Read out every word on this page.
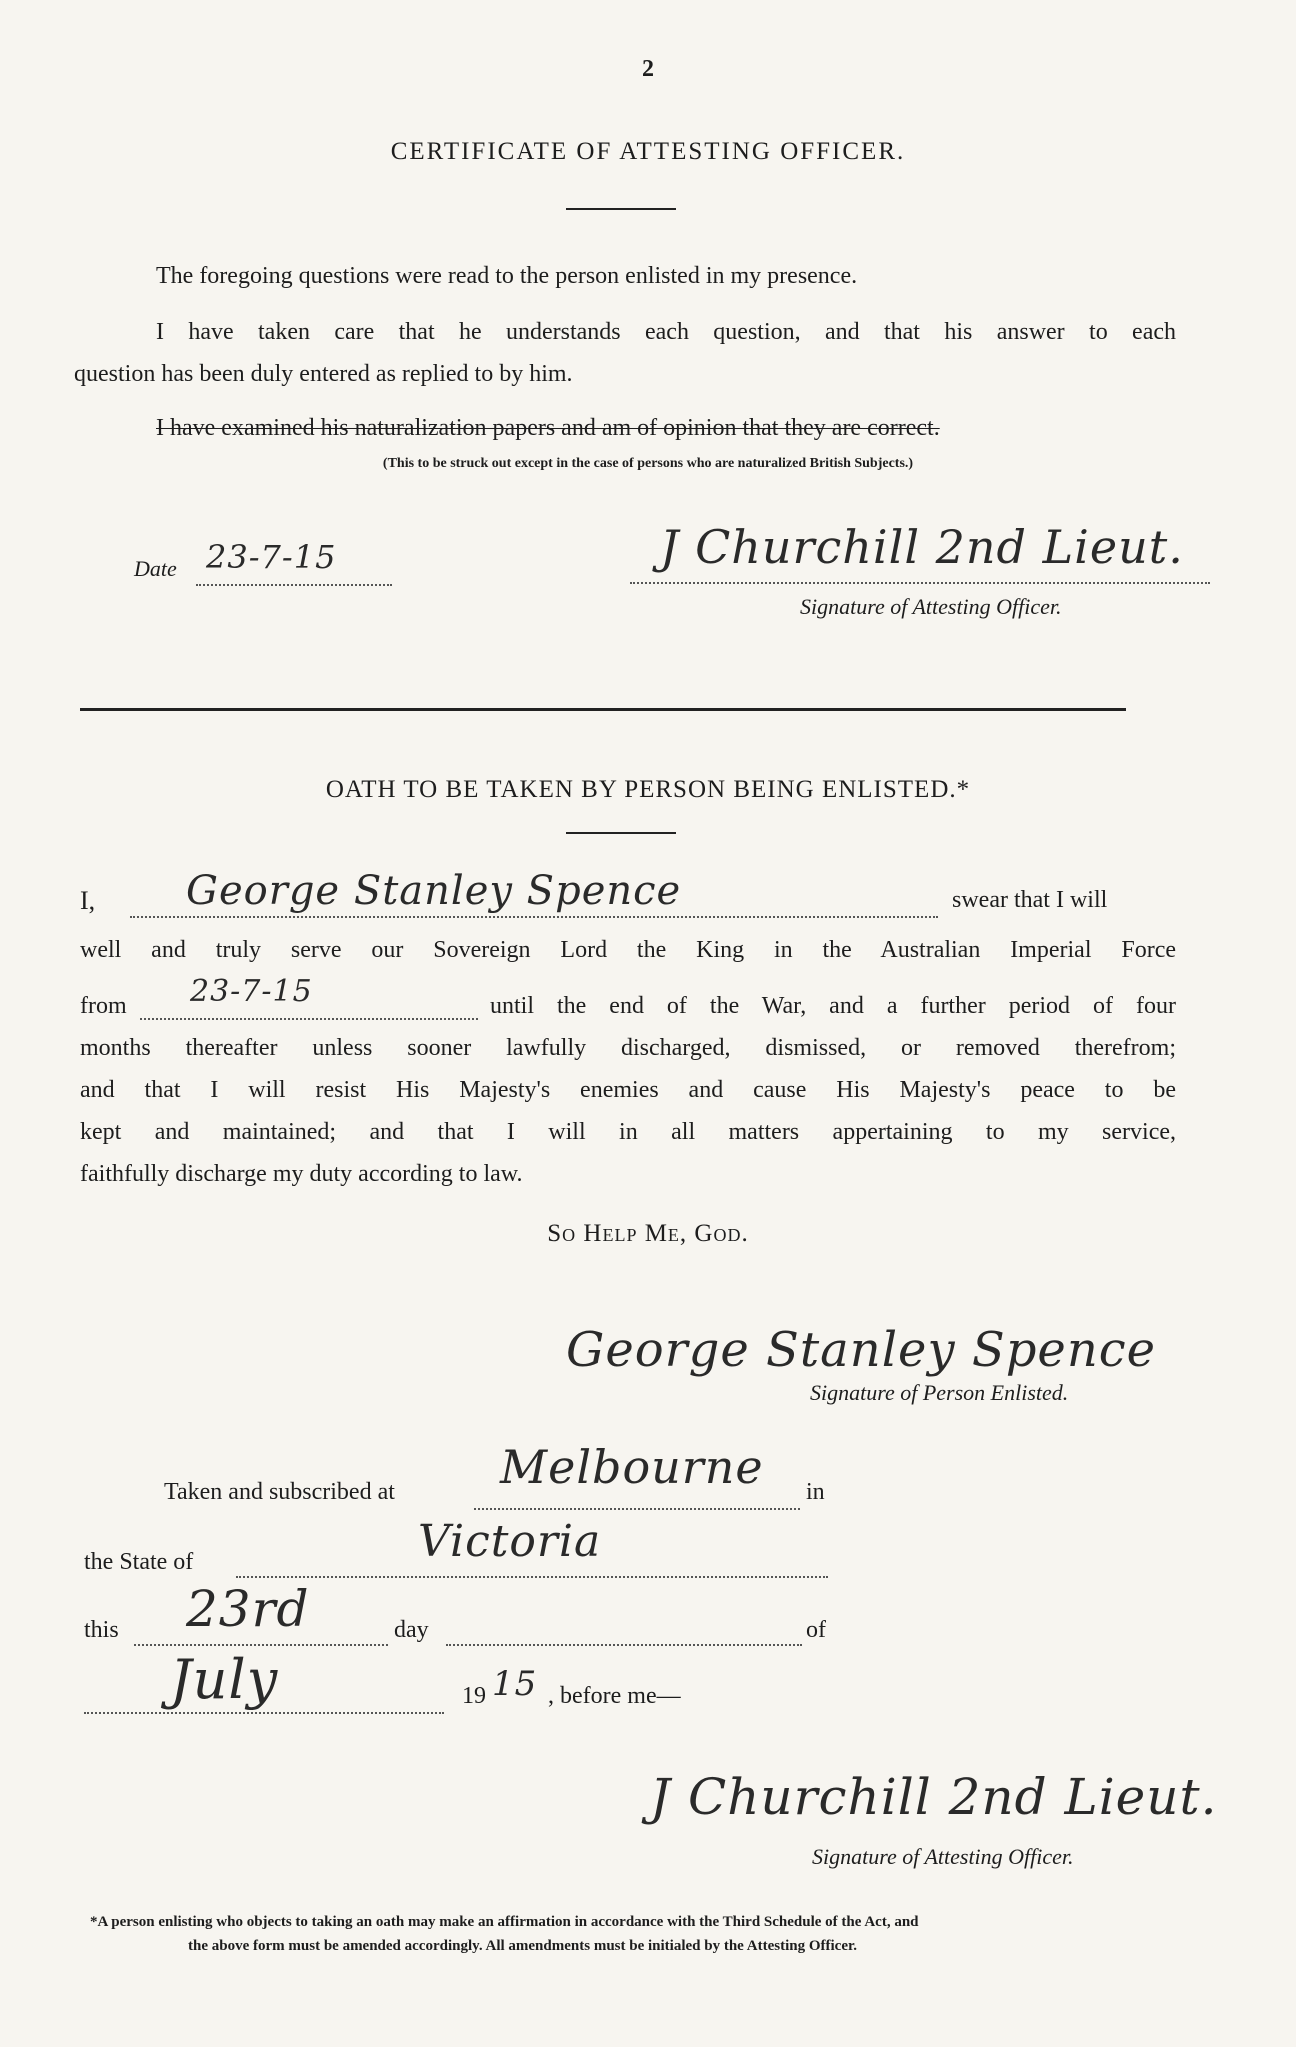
2
CERTIFICATE OF ATTESTING OFFICER.
The foregoing questions were read to the person enlisted in my presence.
I have taken care that he understands each question, and that his answer to each
question has been duly entered as replied to by him.
I have examined his naturalization papers and am of opinion that they are correct.
(This to be struck out except in the case of persons who are naturalized British Subjects.)
Date 23-7-15	J Churchill 2nd Lieut.
Signature of Attesting Officer.
OATH TO BE TAKEN BY PERSON BEING ENLISTED.*
I, George Stanley Spence	swear that I will
well and truly serve our Sovereign Lord the King in the Australian Imperial Force
from 23-7-15	until the end of the War, and a further period of four
months thereafter unless sooner lawfully discharged, dismissed, or removed therefrom;
and that I will resist His Majesty's enemies and cause His Majesty's peace to be
kept and maintained; and that I will in all matters appertaining to my service,
faithfully discharge my duty according to law.
So Help Me, God.
George Stanley Spence
Signature of Person Enlisted.
Taken and subscribed at Melbourne in
the State of	Victoria
this 23rd	day	of
July	19 15 , before me—
J Churchill 2nd Lieut.
Signature of Attesting Officer.
*A person enlisting who objects to taking an oath may make an affirmation in accordance with the Third Schedule of the Act, and
the above form must be amended accordingly. All amendments must be initialed by the Attesting Officer.
